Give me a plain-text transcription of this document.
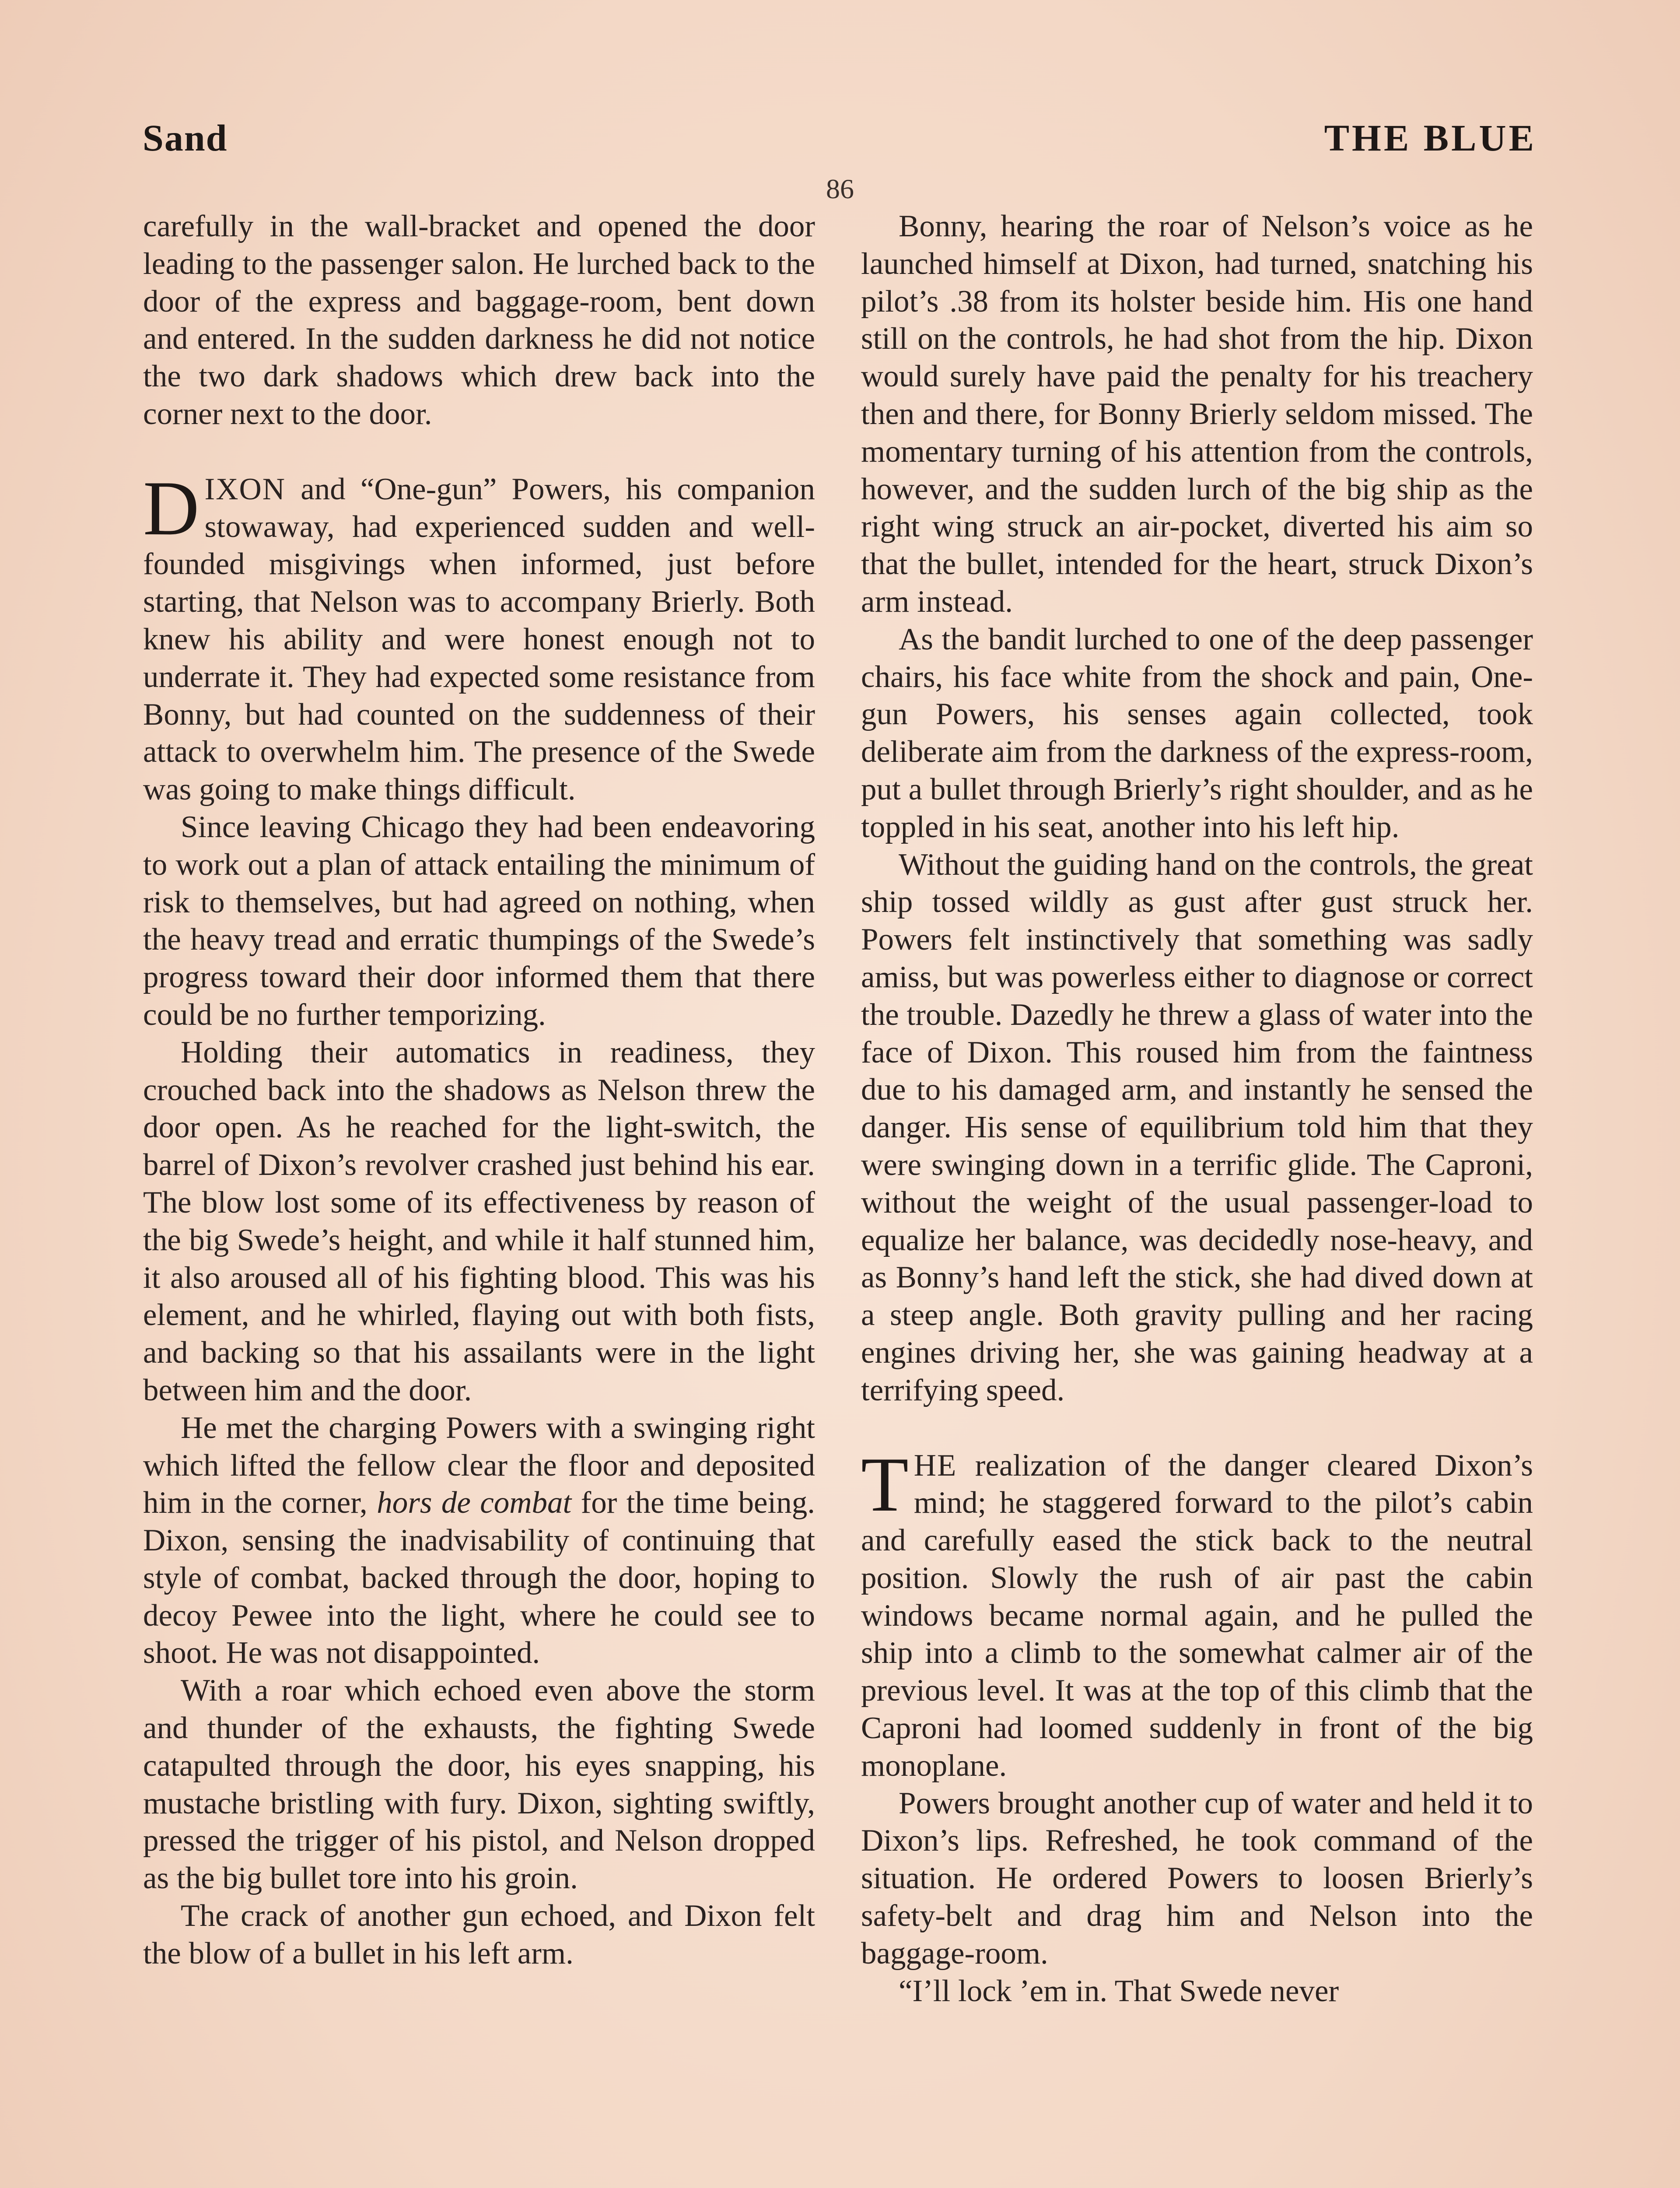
Sand	THE BLUE
86

carefully in the wall-bracket and opened the door leading to the passenger salon. He lurched back to the door of the express and baggage-room, bent down and entered. In the sudden darkness he did not notice the two dark shadows which drew back into the corner next to the door.

DIXON and “One-gun” Powers, his companion stowaway, had experienced sudden and well-founded misgivings when informed, just before starting, that Nelson was to accompany Brierly. Both knew his ability and were honest enough not to underrate it. They had expected some resistance from Bonny, but had counted on the suddenness of their attack to overwhelm him. The presence of the Swede was going to make things difficult.

Since leaving Chicago they had been endeavoring to work out a plan of attack entailing the minimum of risk to themselves, but had agreed on nothing, when the heavy tread and erratic thumpings of the Swede’s progress toward their door informed them that there could be no further temporizing.

Holding their automatics in readiness, they crouched back into the shadows as Nelson threw the door open. As he reached for the light-switch, the barrel of Dixon’s revolver crashed just behind his ear. The blow lost some of its effectiveness by reason of the big Swede’s height, and while it half stunned him, it also aroused all of his fighting blood. This was his element, and he whirled, flaying out with both fists, and backing so that his assailants were in the light between him and the door.

He met the charging Powers with a swinging right which lifted the fellow clear the floor and deposited him in the corner, hors de combat for the time being. Dixon, sensing the inadvisability of continuing that style of combat, backed through the door, hoping to decoy Pewee into the light, where he could see to shoot. He was not disappointed.

With a roar which echoed even above the storm and thunder of the exhausts, the fighting Swede catapulted through the door, his eyes snapping, his mustache bristling with fury. Dixon, sighting swiftly, pressed the trigger of his pistol, and Nelson dropped as the big bullet tore into his groin.

The crack of another gun echoed, and Dixon felt the blow of a bullet in his left arm.

Bonny, hearing the roar of Nelson’s voice as he launched himself at Dixon, had turned, snatching his pilot’s .38 from its holster beside him. His one hand still on the controls, he had shot from the hip. Dixon would surely have paid the penalty for his treachery then and there, for Bonny Brierly seldom missed. The momentary turning of his attention from the controls, however, and the sudden lurch of the big ship as the right wing struck an air-pocket, diverted his aim so that the bullet, intended for the heart, struck Dixon’s arm instead.

As the bandit lurched to one of the deep passenger chairs, his face white from the shock and pain, One-gun Powers, his senses again collected, took deliberate aim from the darkness of the express-room, put a bullet through Brierly’s right shoulder, and as he toppled in his seat, another into his left hip.

Without the guiding hand on the controls, the great ship tossed wildly as gust after gust struck her. Powers felt instinctively that something was sadly amiss, but was powerless either to diagnose or correct the trouble. Dazedly he threw a glass of water into the face of Dixon. This roused him from the faintness due to his damaged arm, and instantly he sensed the danger. His sense of equilibrium told him that they were swinging down in a terrific glide. The Caproni, without the weight of the usual passenger-load to equalize her balance, was decidedly nose-heavy, and as Bonny’s hand left the stick, she had dived down at a steep angle. Both gravity pulling and her racing engines driving her, she was gaining headway at a terrifying speed.

THE realization of the danger cleared Dixon’s mind; he staggered forward to the pilot’s cabin and carefully eased the stick back to the neutral position. Slowly the rush of air past the cabin windows became normal again, and he pulled the ship into a climb to the somewhat calmer air of the previous level. It was at the top of this climb that the Caproni had loomed suddenly in front of the big monoplane.

Powers brought another cup of water and held it to Dixon’s lips. Refreshed, he took command of the situation. He ordered Powers to loosen Brierly’s safety-belt and drag him and Nelson into the baggage-room.

“I’ll lock ’em in. That Swede never
